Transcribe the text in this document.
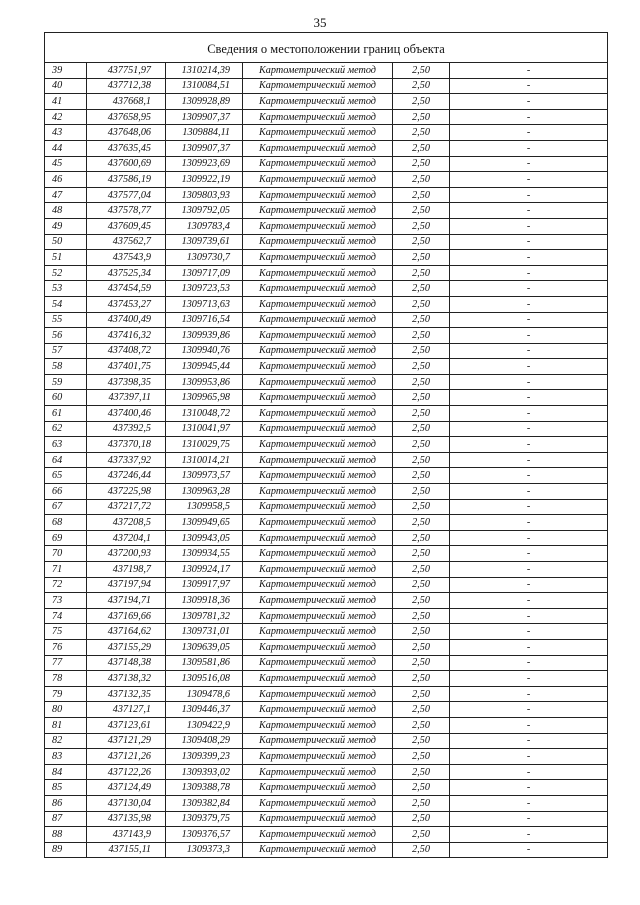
35
Сведения о местоположении границ объекта					
39	437751,97	1310214,39	Картометрический метод	2,50	-
40	437712,38	1310084,51	Картометрический метод	2,50	-
41	437668,1	1309928,89	Картометрический метод	2,50	-
42	437658,95	1309907,37	Картометрический метод	2,50	-
43	437648,06	1309884,11	Картометрический метод	2,50	-
44	437635,45	1309907,37	Картометрический метод	2,50	-
45	437600,69	1309923,69	Картометрический метод	2,50	-
46	437586,19	1309922,19	Картометрический метод	2,50	-
47	437577,04	1309803,93	Картометрический метод	2,50	-
48	437578,77	1309792,05	Картометрический метод	2,50	-
49	437609,45	1309783,4	Картометрический метод	2,50	-
50	437562,7	1309739,61	Картометрический метод	2,50	-
51	437543,9	1309730,7	Картометрический метод	2,50	-
52	437525,34	1309717,09	Картометрический метод	2,50	-
53	437454,59	1309723,53	Картометрический метод	2,50	-
54	437453,27	1309713,63	Картометрический метод	2,50	-
55	437400,49	1309716,54	Картометрический метод	2,50	-
56	437416,32	1309939,86	Картометрический метод	2,50	-
57	437408,72	1309940,76	Картометрический метод	2,50	-
58	437401,75	1309945,44	Картометрический метод	2,50	-
59	437398,35	1309953,86	Картометрический метод	2,50	-
60	437397,11	1309965,98	Картометрический метод	2,50	-
61	437400,46	1310048,72	Картометрический метод	2,50	-
62	437392,5	1310041,97	Картометрический метод	2,50	-
63	437370,18	1310029,75	Картометрический метод	2,50	-
64	437337,92	1310014,21	Картометрический метод	2,50	-
65	437246,44	1309973,57	Картометрический метод	2,50	-
66	437225,98	1309963,28	Картометрический метод	2,50	-
67	437217,72	1309958,5	Картометрический метод	2,50	-
68	437208,5	1309949,65	Картометрический метод	2,50	-
69	437204,1	1309943,05	Картометрический метод	2,50	-
70	437200,93	1309934,55	Картометрический метод	2,50	-
71	437198,7	1309924,17	Картометрический метод	2,50	-
72	437197,94	1309917,97	Картометрический метод	2,50	-
73	437194,71	1309918,36	Картометрический метод	2,50	-
74	437169,66	1309781,32	Картометрический метод	2,50	-
75	437164,62	1309731,01	Картометрический метод	2,50	-
76	437155,29	1309639,05	Картометрический метод	2,50	-
77	437148,38	1309581,86	Картометрический метод	2,50	-
78	437138,32	1309516,08	Картометрический метод	2,50	-
79	437132,35	1309478,6	Картометрический метод	2,50	-
80	437127,1	1309446,37	Картометрический метод	2,50	-
81	437123,61	1309422,9	Картометрический метод	2,50	-
82	437121,29	1309408,29	Картометрический метод	2,50	-
83	437121,26	1309399,23	Картометрический метод	2,50	-
84	437122,26	1309393,02	Картометрический метод	2,50	-
85	437124,49	1309388,78	Картометрический метод	2,50	-
86	437130,04	1309382,84	Картометрический метод	2,50	-
87	437135,98	1309379,75	Картометрический метод	2,50	-
88	437143,9	1309376,57	Картометрический метод	2,50	-
89	437155,11	1309373,3	Картометрический метод	2,50	-
